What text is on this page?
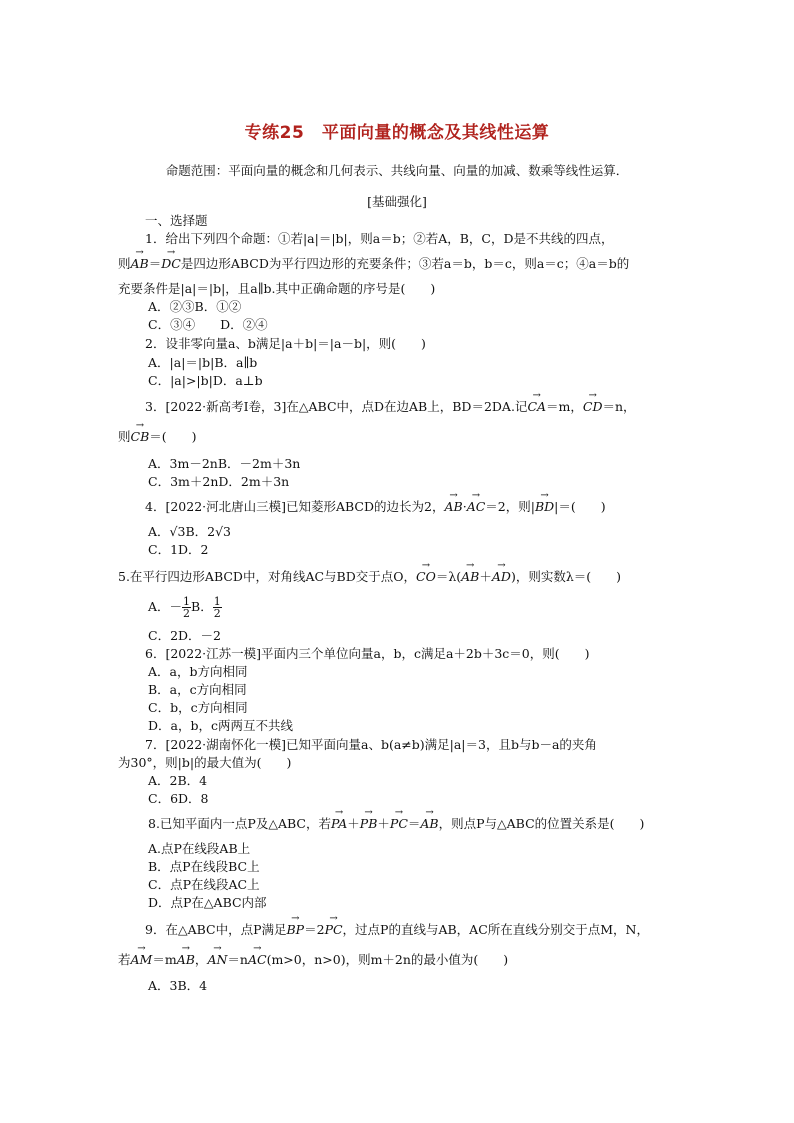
专练25　平面向量的概念及其线性运算
命题范围：平面向量的概念和几何表示、共线向量、向量的加减、数乘等线性运算．
[基础强化]
一、选择题
1．给出下列四个命题：①若|a|＝|b|，则a＝b；②若A，B，C，D是不共线的四点，
则→ AB＝→ DC是四边形ABCD为平行四边形的充要条件；③若a＝b，b＝c，则a＝c；④a＝b的
充要条件是|a|＝|b|，且a∥b.其中正确命题的序号是(　　)
A．②③B．①②
C．③④　　D．②④
2．设非零向量a、b满足|a＋b|＝|a－b|，则(　　)
A．|a|＝|b|B．a∥b
C．|a|>|b|D．a⊥b
3．[2022·新高考Ⅰ卷，3]在△ABC中，点D在边AB上，BD＝2DA.记→ CA＝m，→ CD＝n，
则→ CB＝(　　)
A．3m－2nB．－2m＋3n
C．3m＋2nD．2m＋3n
4．[2022·河北唐山三模]已知菱形ABCD的边长为2，→ AB·→ AC＝2，则|→ BD|＝(　　)
A．√3B．2√3
C．1D．2
5.在平行四边形ABCD中，对角线AC与BD交于点O，→ CO＝λ(→ AB＋→ AD)，则实数λ＝(　　)
A．－ $\frac{1}{2}$ B． $\frac{1}{2}$
C．2D．－2
6．[2022·江苏一模]平面内三个单位向量a，b，c满足a＋2b＋3c＝0，则(　　)
A．a，b方向相同
B．a，c方向相同
C．b，c方向相同
D．a，b，c两两互不共线
7．[2022·湖南怀化一模]已知平面向量a、b(a≠b)满足|a|＝3，且b与b－a的夹角
为30°，则|b|的最大值为(　　)
A．2B．4
C．6D．8
8.已知平面内一点P及△ABC，若→ PA＋→ PB＋→ PC＝→ AB，则点P与△ABC的位置关系是(　　)
A.点P在线段AB上
B．点P在线段BC上
C．点P在线段AC上
D．点P在△ABC内部
9．在△ABC中，点P满足→ BP＝2→ PC，过点P的直线与AB，AC所在直线分别交于点M，N，
若→ AM＝m→ AB，→ AN＝n→ AC(m>0，n>0)，则m＋2n的最小值为(　　)
A．3B．4
